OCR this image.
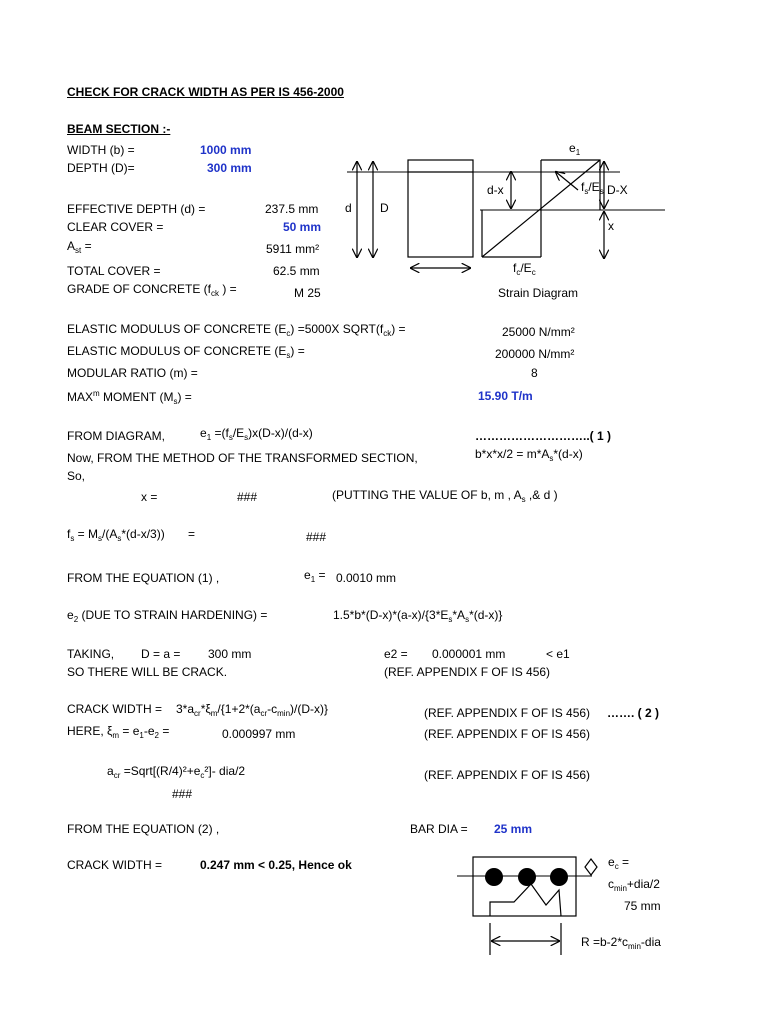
CHECK FOR CRACK WIDTH AS PER IS 456-2000
BEAM SECTION :-
WIDTH (b) =	1000 mm
DEPTH (D)=	300 mm
EFFECTIVE DEPTH (d) =	237.5 mm
CLEAR COVER =	50 mm
$A_{st}$ =	5911 mm²
TOTAL COVER =	62.5 mm
GRADE OF CONCRETE ($f_{ck}$ ) =	M 25
$e_1$
$f_s/E_s$ D-X
d-x
x
d D
$f_c/E_c$
Strain Diagram
ELASTIC MODULUS OF CONCRETE $(E_c) =5000X$ $SQRT(f_{ck})$ =	25000 N/mm²
ELASTIC MODULUS OF CONCRETE $(E_s)$ =	200000 N/mm²
MODULAR RATIO (m) =	8
MAX$^m$ MOMENT $(M_s)$ =	15.90 T/m
FROM DIAGRAM,	$e_1 =(f_s/E_s)x(D-x)/(d-x)$	………………………..( 1 )
Now, FROM THE METHOD OF THE TRANSFORMED SECTION,	$b*x*x/2 = m*A_s*(d-x)$
So,
x =	###	(PUTTING THE VALUE OF b, m , $A_s$ ,& d )
$f_s = M_s/(A_s*(d-x/3))$ =	###
FROM THE EQUATION (1) ,	$e_1 = 0.0010$ mm
$e_2$ (DUE TO STRAIN HARDENING) =	$1.5*b*(D-x)*(a-x)/\{3*E_s*A_s*(d-x)\}$
TAKING, D = a = 300 mm	e2 = 0.000001 mm	< e1
SO THERE WILL BE CRACK.	(REF. APPENDIX F OF IS 456)
CRACK WIDTH = $3*a_{cr}*\xi_m/\{1+2*(a_{cr}-c_{min})/(D-x)\}$	(REF. APPENDIX F OF IS 456) ……. ( 2 )
HERE, $\xi_m = e_1-e_2$ =	0.000997 mm	(REF. APPENDIX F OF IS 456)
$a_{cr}$ $=Sqrt[(R/4)^2+e_c^2]-$ dia/2	(REF. APPENDIX F OF IS 456)
###
FROM THE EQUATION (2) ,	BAR DIA = 25 mm
CRACK WIDTH =	0.247 mm < 0.25, Hence ok	$e_c$ =
$c_{min}+dia/2$
75 mm
$R =b-2*c_{min}$-dia
